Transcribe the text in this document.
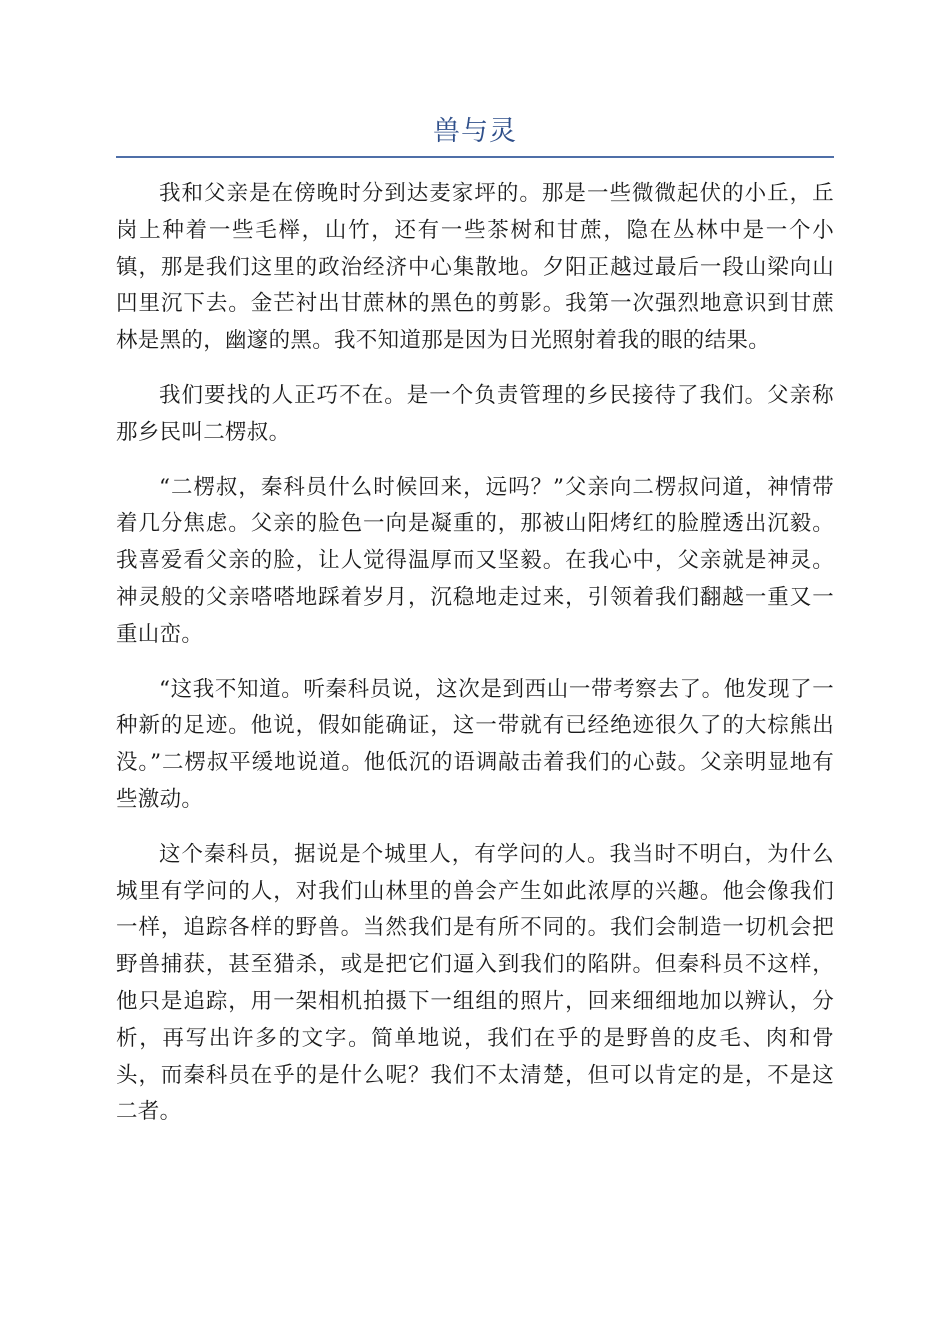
兽与灵

我和父亲是在傍晚时分到达麦家坪的。那是一些微微起伏的小丘，丘岗上种着一些毛榉，山竹，还有一些茶树和甘蔗，隐在丛林中是一个小镇，那是我们这里的政治经济中心集散地。夕阳正越过最后一段山梁向山凹里沉下去。金芒衬出甘蔗林的黑色的剪影。我第一次强烈地意识到甘蔗林是黑的，幽邃的黑。我不知道那是因为日光照射着我的眼的结果。

我们要找的人正巧不在。是一个负责管理的乡民接待了我们。父亲称那乡民叫二楞叔。

“二楞叔，秦科员什么时候回来，远吗？”父亲向二楞叔问道，神情带着几分焦虑。父亲的脸色一向是凝重的，那被山阳烤红的脸膛透出沉毅。我喜爱看父亲的脸，让人觉得温厚而又坚毅。在我心中，父亲就是神灵。神灵般的父亲嗒嗒地踩着岁月，沉稳地走过来，引领着我们翻越一重又一重山峦。

“这我不知道。听秦科员说，这次是到西山一带考察去了。他发现了一种新的足迹。他说，假如能确证，这一带就有已经绝迹很久了的大棕熊出没。”二楞叔平缓地说道。他低沉的语调敲击着我们的心鼓。父亲明显地有些激动。

这个秦科员，据说是个城里人，有学问的人。我当时不明白，为什么城里有学问的人，对我们山林里的兽会产生如此浓厚的兴趣。他会像我们一样，追踪各样的野兽。当然我们是有所不同的。我们会制造一切机会把野兽捕获，甚至猎杀，或是把它们逼入到我们的陷阱。但秦科员不这样，他只是追踪，用一架相机拍摄下一组组的照片，回来细细地加以辨认，分析，再写出许多的文字。简单地说，我们在乎的是野兽的皮毛、肉和骨头，而秦科员在乎的是什么呢？我们不太清楚，但可以肯定的是，不是这二者。
